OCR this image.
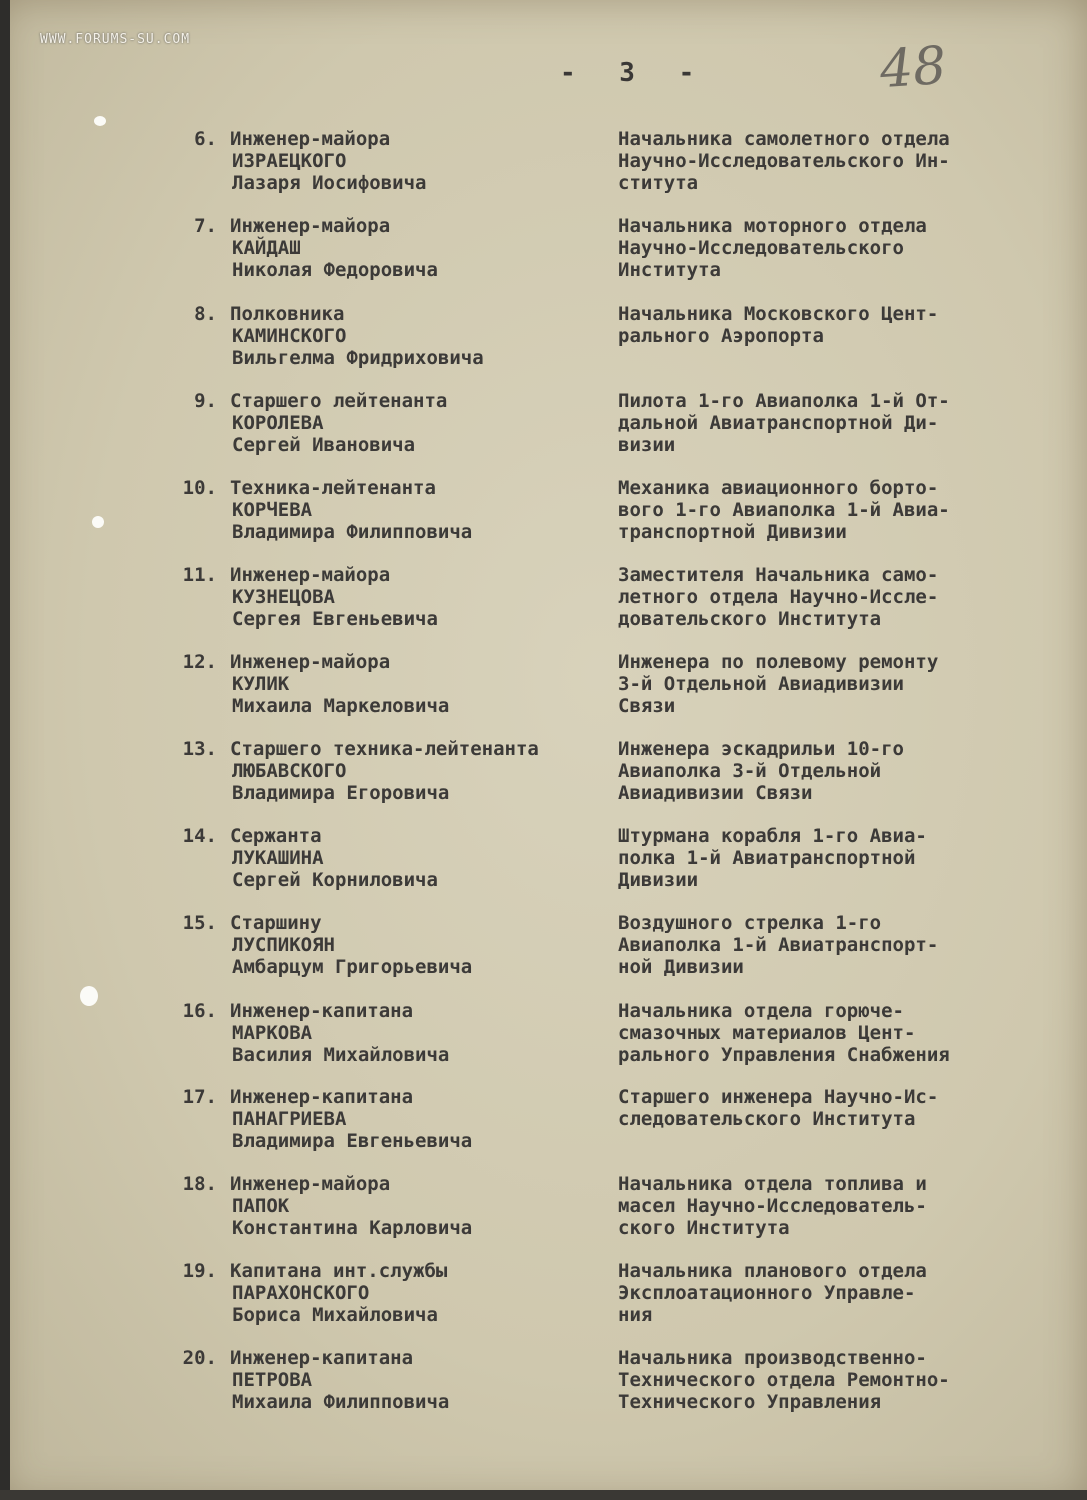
WWW.FORUMS-SU.COM
- 3 -	48
6. Инженер-майора
ИЗРАЕЦКОГО
Лазаря Иосифовича
Начальника самолетного отдела
Научно-Исследовательского Ин-
ститута
7. Инженер-майора
КАЙДАШ
Николая Федоровича
Начальника моторного отдела
Научно-Исследовательского
Института
8. Полковника
КАМИНСКОГО
Вильгелма Фридриховича
Начальника Московского Цент-
рального Аэропорта
9. Старшего лейтенанта
КОРОЛЕВА
Сергей Ивановича
Пилота 1-го Авиаполка 1-й От-
дальной Авиатранспортной Ди-
визии
10. Техника-лейтенанта
КОРЧЕВА
Владимира Филипповича
Механика авиационного борто-
вого 1-го Авиаполка 1-й Авиа-
транспортной Дивизии
11. Инженер-майора
КУЗНЕЦОВА
Сергея Евгеньевича
Заместителя Начальника само-
летного отдела Научно-Иссле-
довательского Института
12. Инженер-майора
КУЛИК
Михаила Маркеловича
Инженера по полевому ремонту
3-й Отдельной Авиадивизии
Связи
13. Старшего техника-лейтенанта
ЛЮБАВСКОГО
Владимира Егоровича
Инженера эскадрильи 10-го
Авиаполка 3-й Отдельной
Авиадивизии Связи
14. Сержанта
ЛУКАШИНА
Сергей Корниловича
Штурмана корабля 1-го Авиа-
полка 1-й Авиатранспортной
Дивизии
15. Старшину
ЛУСПИКОЯН
Амбарцум Григорьевича
Воздушного стрелка 1-го
Авиаполка 1-й Авиатранспорт-
ной Дивизии
16. Инженер-капитана
МАРКОВА
Василия Михайловича
Начальника отдела горюче-
смазочных материалов Цент-
рального Управления Снабжения
17. Инженер-капитана
ПАНАГРИЕВА
Владимира Евгеньевича
Старшего инженера Научно-Ис-
следовательского Института
18. Инженер-майора
ПАПОК
Константина Карловича
Начальника отдела топлива и
масел Научно-Исследователь-
ского Института
19. Капитана инт.службы
ПАРАХОНСКОГО
Бориса Михайловича
Начальника планового отдела
Эксплоатационного Управле-
ния
20. Инженер-капитана
ПЕТРОВА
Михаила Филипповича
Начальника производственно-
Технического отдела Ремонтно-
Технического Управления
